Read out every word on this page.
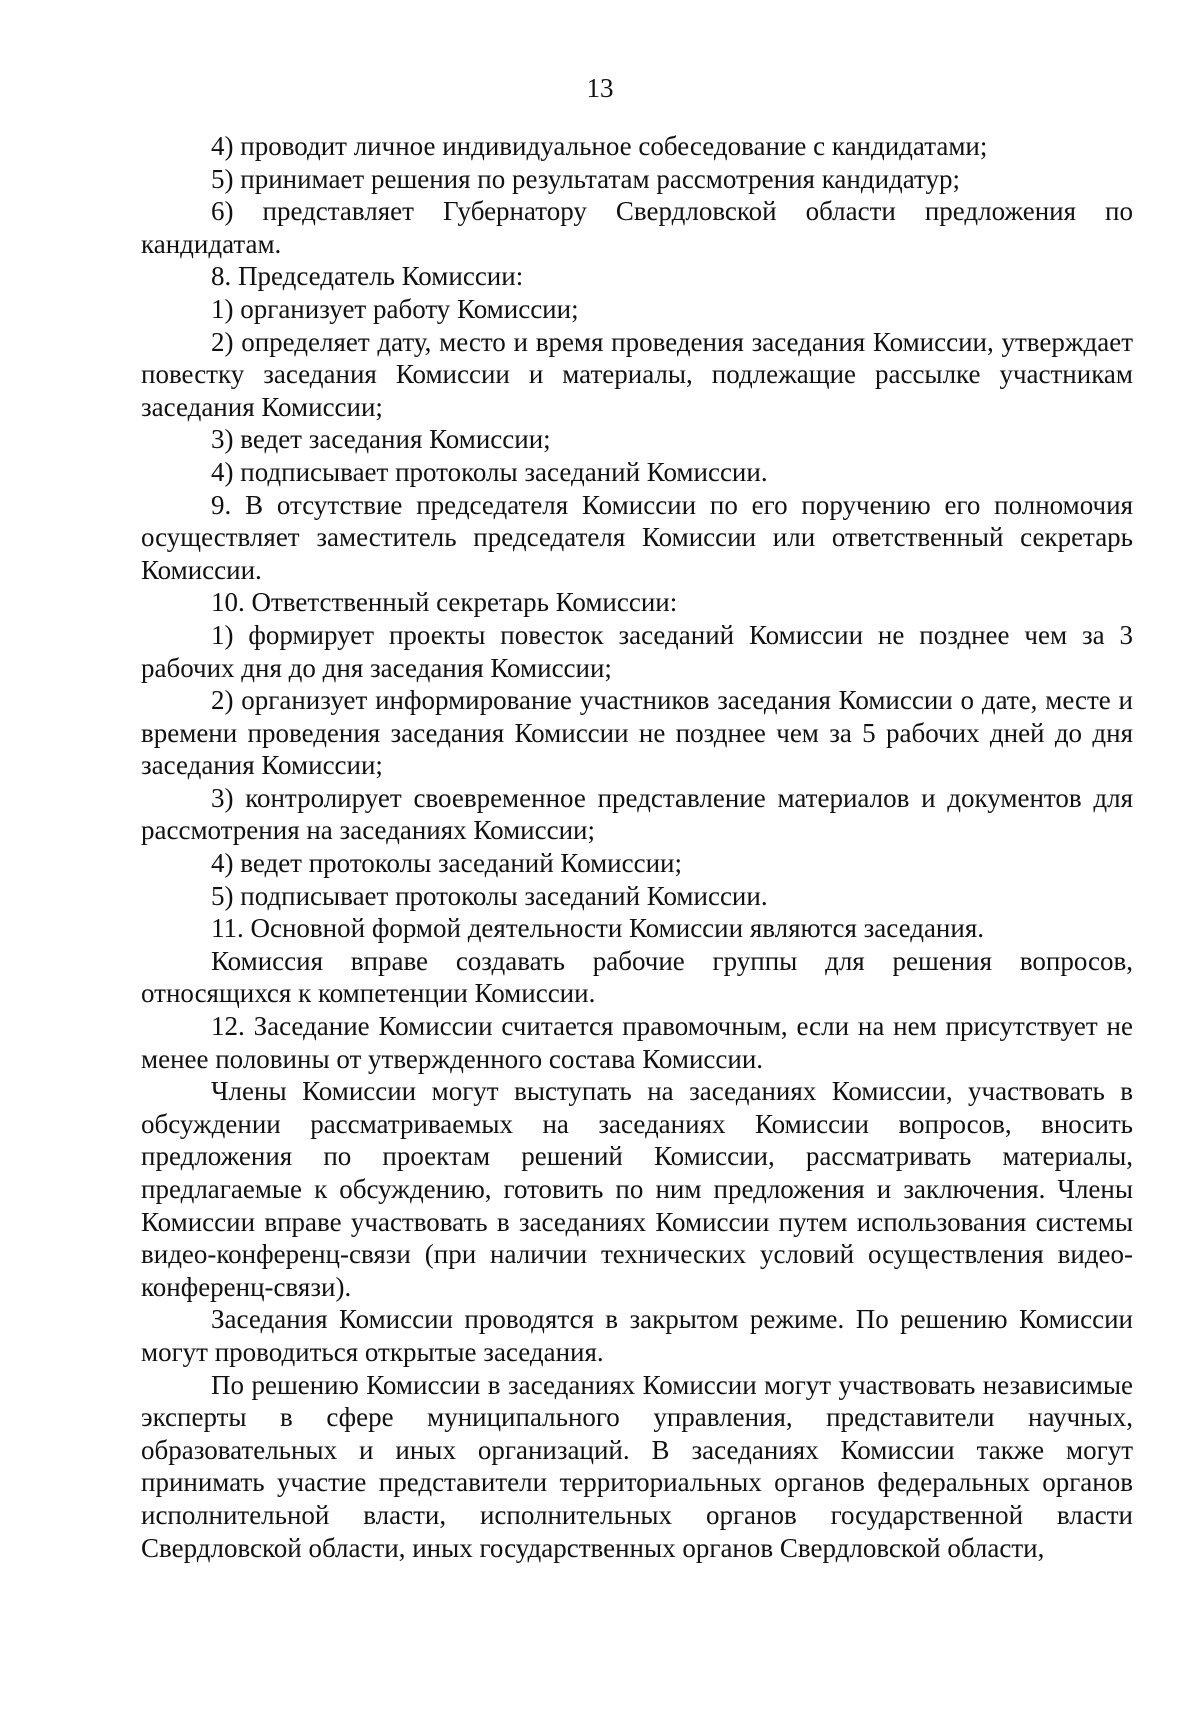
13

4) проводит личное индивидуальное собеседование с кандидатами;

5) принимает решения по результатам рассмотрения кандидатур;

6) представляет Губернатору Свердловской области предложения по кандидатам.

8. Председатель Комиссии:

1) организует работу Комиссии;

2) определяет дату, место и время проведения заседания Комиссии, утверждает повестку заседания Комиссии и материалы, подлежащие рассылке участникам заседания Комиссии;

3) ведет заседания Комиссии;

4) подписывает протоколы заседаний Комиссии.

9. В отсутствие председателя Комиссии по его поручению его полномочия осуществляет заместитель председателя Комиссии или ответственный секретарь Комиссии.

10. Ответственный секретарь Комиссии:

1) формирует проекты повесток заседаний Комиссии не позднее чем за 3 рабочих дня до дня заседания Комиссии;

2) организует информирование участников заседания Комиссии о дате, месте и времени проведения заседания Комиссии не позднее чем за 5 рабочих дней до дня заседания Комиссии;

3) контролирует своевременное представление материалов и документов для рассмотрения на заседаниях Комиссии;

4) ведет протоколы заседаний Комиссии;

5) подписывает протоколы заседаний Комиссии.

11. Основной формой деятельности Комиссии являются заседания.

Комиссия вправе создавать рабочие группы для решения вопросов, относящихся к компетенции Комиссии.

12. Заседание Комиссии считается правомочным, если на нем присутствует не менее половины от утвержденного состава Комиссии.

Члены Комиссии могут выступать на заседаниях Комиссии, участвовать в обсуждении рассматриваемых на заседаниях Комиссии вопросов, вносить предложения по проектам решений Комиссии, рассматривать материалы, предлагаемые к обсуждению, готовить по ним предложения и заключения. Члены Комиссии вправе участвовать в заседаниях Комиссии путем использования системы видео-конференц-связи (при наличии технических условий осуществления видео-конференц-связи).

Заседания Комиссии проводятся в закрытом режиме. По решению Комиссии могут проводиться открытые заседания.

По решению Комиссии в заседаниях Комиссии могут участвовать независимые эксперты в сфере муниципального управления, представители научных, образовательных и иных организаций. В заседаниях Комиссии также могут принимать участие представители территориальных органов федеральных органов исполнительной власти, исполнительных органов государственной власти Свердловской области, иных государственных органов Свердловской области,
